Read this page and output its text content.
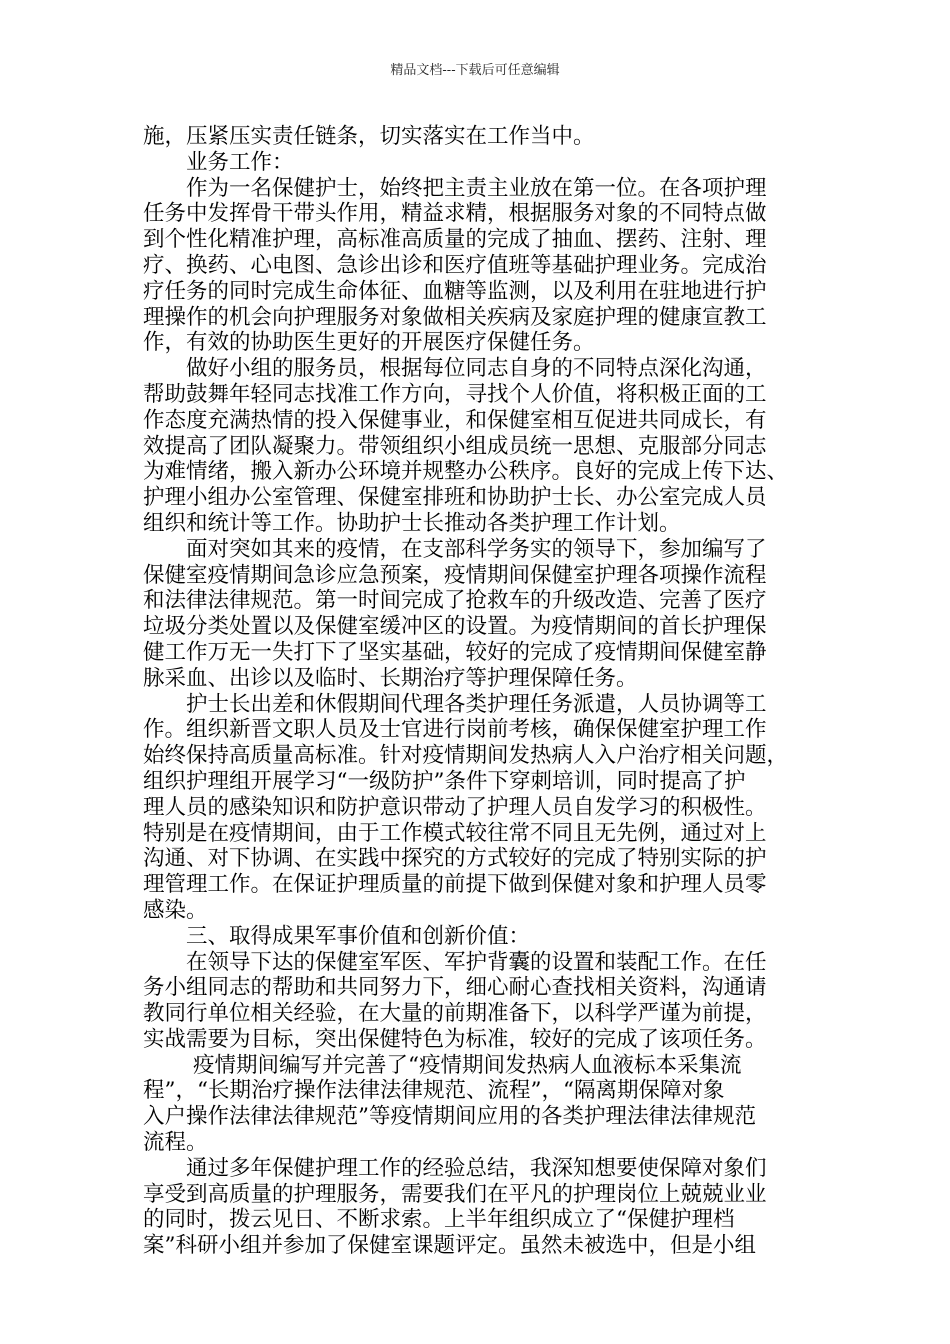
精品文档---下载后可任意编辑
施，压紧压实责任链条，切实落实在工作当中。
业务工作：
作为一名保健护士，始终把主责主业放在第一位。在各项护理
任务中发挥骨干带头作用，精益求精，根据服务对象的不同特点做
到个性化精准护理，高标准高质量的完成了抽血、摆药、注射、理
疗、换药、心电图、急诊出诊和医疗值班等基础护理业务。完成治
疗任务的同时完成生命体征、血糖等监测，以及利用在驻地进行护
理操作的机会向护理服务对象做相关疾病及家庭护理的健康宣教工
作，有效的协助医生更好的开展医疗保健任务。
做好小组的服务员，根据每位同志自身的不同特点深化沟通，
帮助鼓舞年轻同志找准工作方向，寻找个人价值，将积极正面的工
作态度充满热情的投入保健事业，和保健室相互促进共同成长，有
效提高了团队凝聚力。带领组织小组成员统一思想、克服部分同志
为难情绪，搬入新办公环境并规整办公秩序。良好的完成上传下达、
护理小组办公室管理、保健室排班和协助护士长、办公室完成人员
组织和统计等工作。协助护士长推动各类护理工作计划。
面对突如其来的疫情，在支部科学务实的领导下，参加编写了
保健室疫情期间急诊应急预案，疫情期间保健室护理各项操作流程
和法律法律规范。第一时间完成了抢救车的升级改造、完善了医疗
垃圾分类处置以及保健室缓冲区的设置。为疫情期间的首长护理保
健工作万无一失打下了坚实基础，较好的完成了疫情期间保健室静
脉采血、出诊以及临时、长期治疗等护理保障任务。
护士长出差和休假期间代理各类护理任务派遣，人员协调等工
作。组织新晋文职人员及士官进行岗前考核，确保保健室护理工作
始终保持高质量高标准。针对疫情期间发热病人入户治疗相关问题，
组织护理组开展学习“一级防护”条件下穿刺培训，同时提高了护
理人员的感染知识和防护意识带动了护理人员自发学习的积极性。
特别是在疫情期间，由于工作模式较往常不同且无先例，通过对上
沟通、对下协调、在实践中探究的方式较好的完成了特别实际的护
理管理工作。在保证护理质量的前提下做到保健对象和护理人员零
感染。
三、取得成果军事价值和创新价值：
在领导下达的保健室军医、军护背囊的设置和装配工作。在任
务小组同志的帮助和共同努力下，细心耐心查找相关资料，沟通请
教同行单位相关经验，在大量的前期准备下，以科学严谨为前提，
实战需要为目标，突出保健特色为标准，较好的完成了该项任务。
疫情期间编写并完善了“疫情期间发热病人血液标本采集流
程”，“长期治疗操作法律法律规范、流程”，“隔离期保障对象
入户操作法律法律规范”等疫情期间应用的各类护理法律法律规范
流程。
通过多年保健护理工作的经验总结，我深知想要使保障对象们
享受到高质量的护理服务，需要我们在平凡的护理岗位上兢兢业业
的同时，拨云见日、不断求索。上半年组织成立了“保健护理档
案”科研小组并参加了保健室课题评定。虽然未被选中，但是小组
